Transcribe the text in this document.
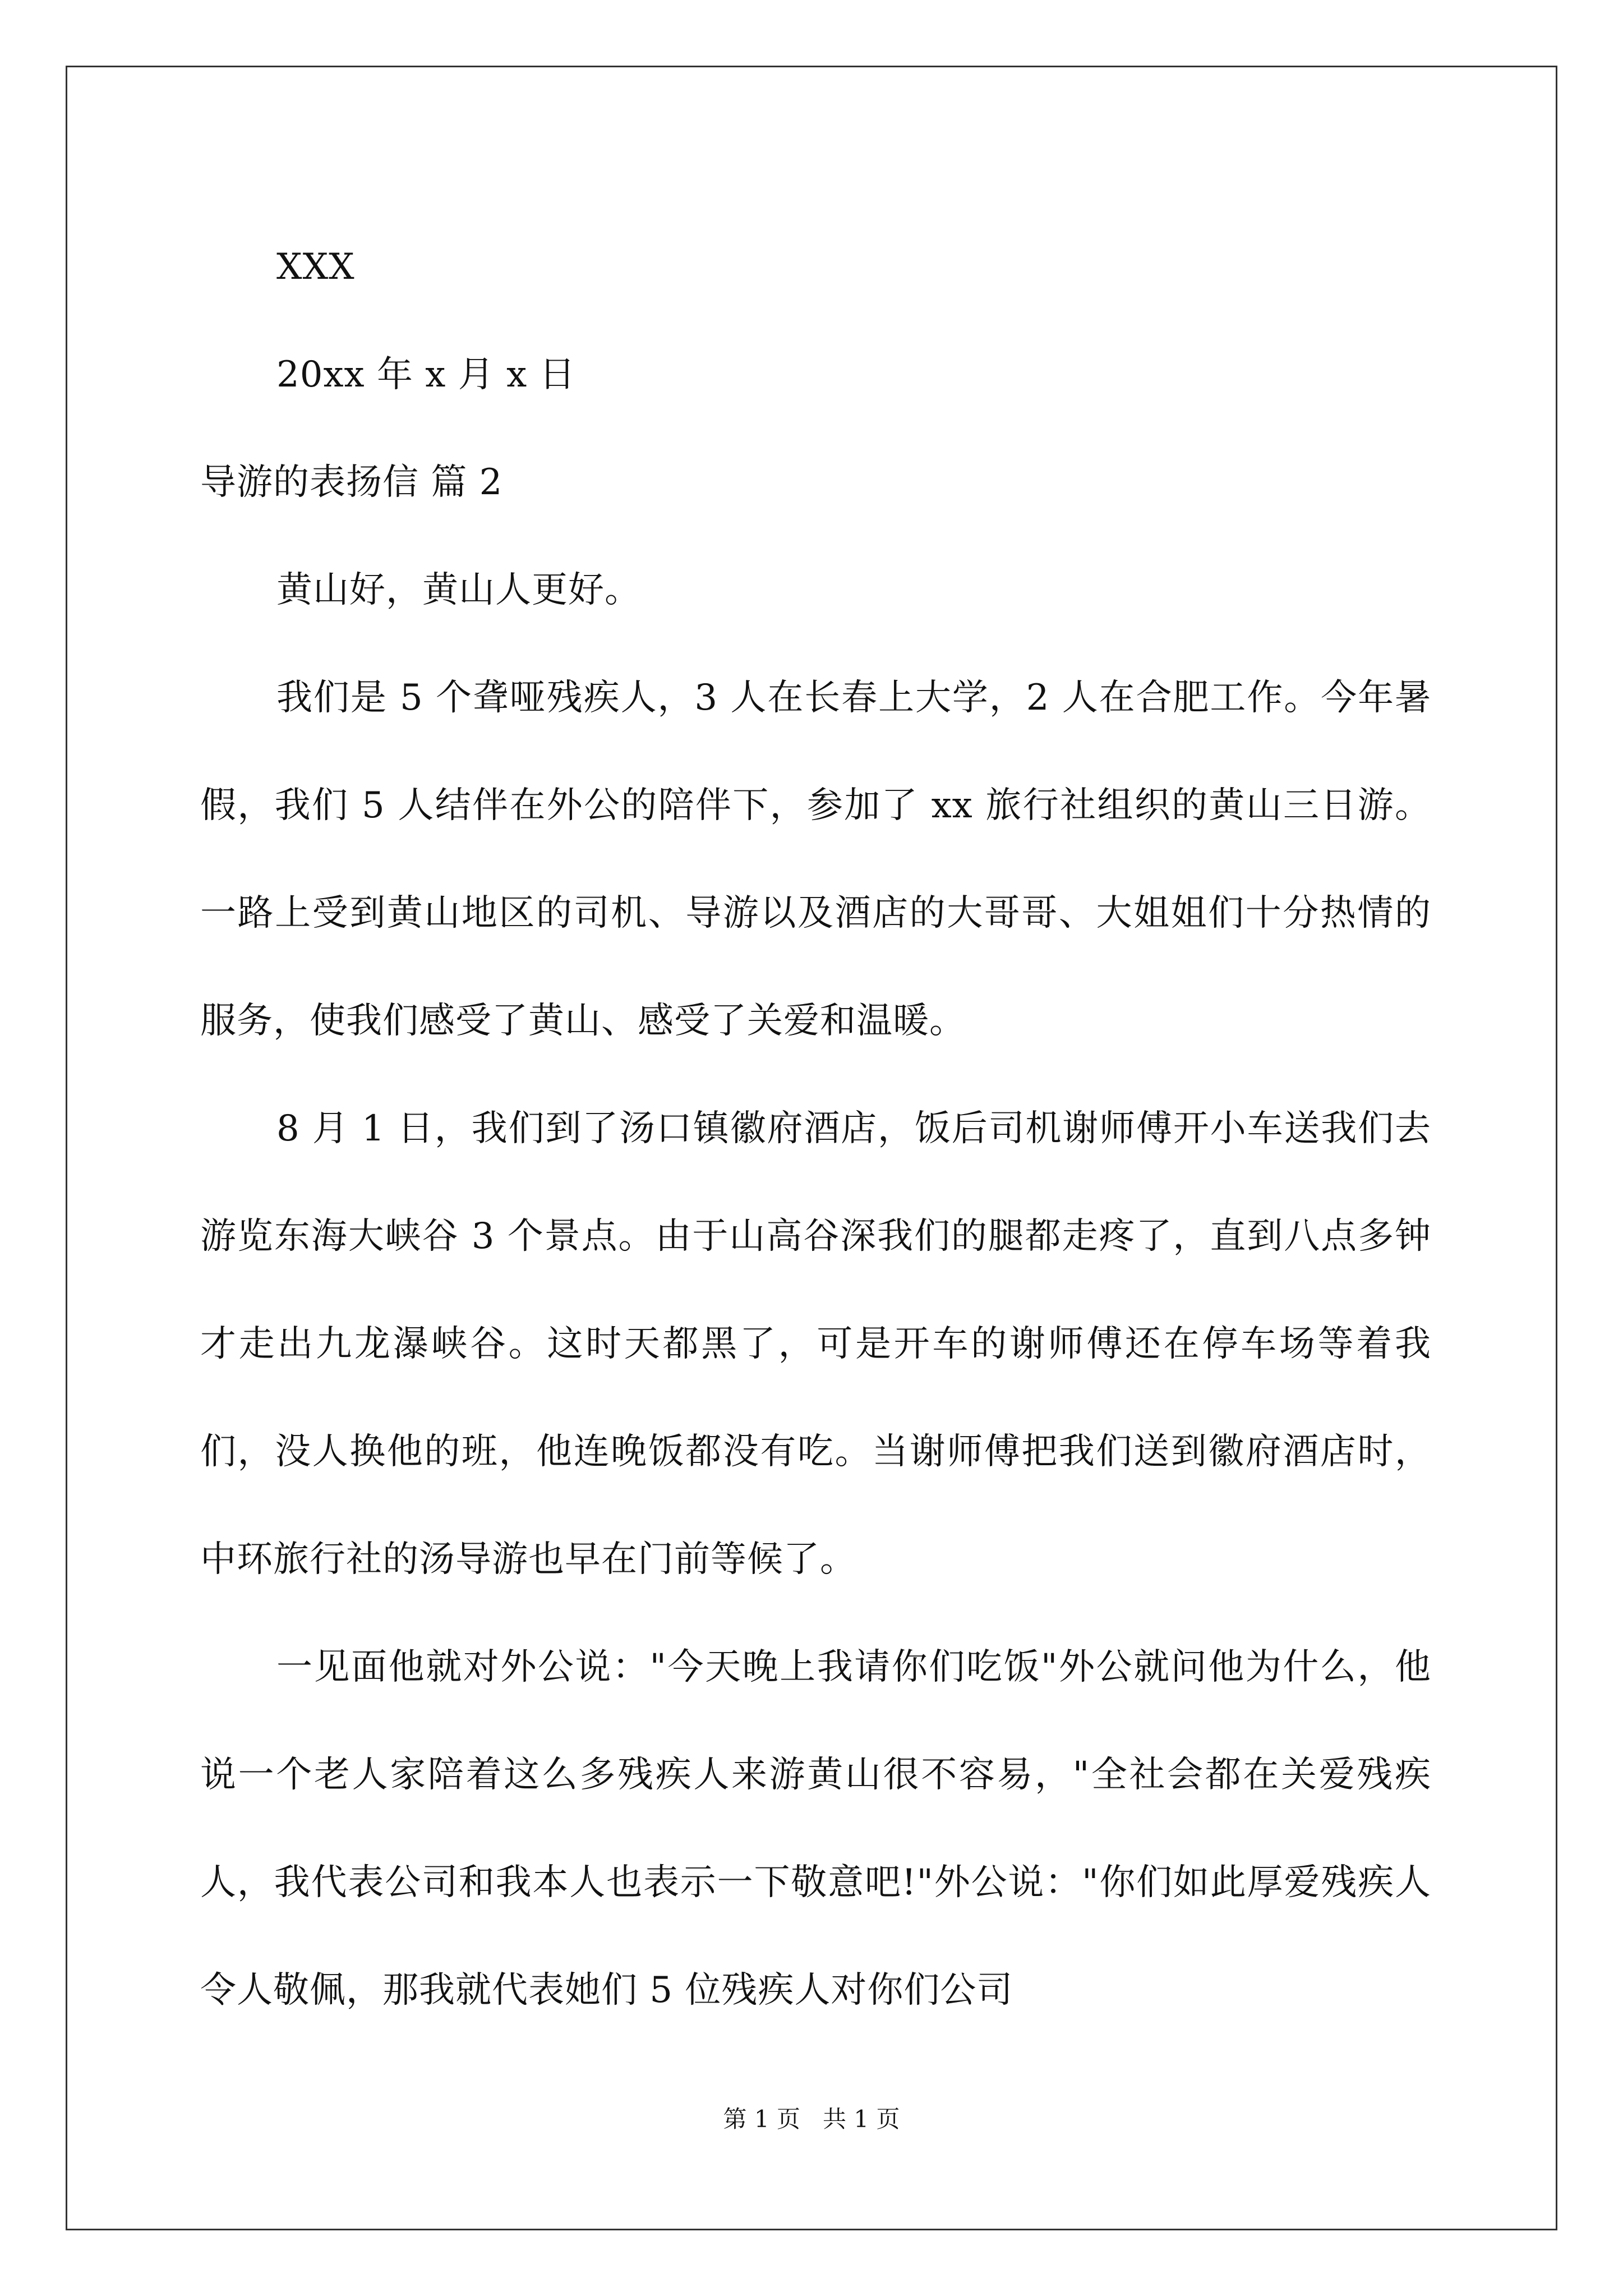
XXX
20xx 年 x 月 x 日
导游的表扬信 篇 2

黄山好，黄山人更好。

我们是 5 个聋哑残疾人，3 人在长春上大学，2 人在合肥工作。今年暑假，我们 5 人结伴在外公的陪伴下，参加了 xx 旅行社组织的黄山三日游。一路上受到黄山地区的司机、导游以及酒店的大哥哥、大姐姐们十分热情的服务，使我们感受了黄山、感受了关爱和温暖。

8 月 1 日，我们到了汤口镇徽府酒店，饭后司机谢师傅开小车送我们去游览东海大峡谷 3 个景点。由于山高谷深我们的腿都走疼了，直到八点多钟才走出九龙瀑峡谷。这时天都黑了，可是开车的谢师傅还在停车场等着我们，没人换他的班，他连晚饭都没有吃。当谢师傅把我们送到徽府酒店时，中环旅行社的汤导游也早在门前等候了。

一见面他就对外公说："今天晚上我请你们吃饭"外公就问他为什么，他说一个老人家陪着这么多残疾人来游黄山很不容易，"全社会都在关爱残疾人，我代表公司和我本人也表示一下敬意吧!"外公说："你们如此厚爱残疾人令人敬佩，那我就代表她们 5 位残疾人对你们公司

第 1 页 共 1 页
